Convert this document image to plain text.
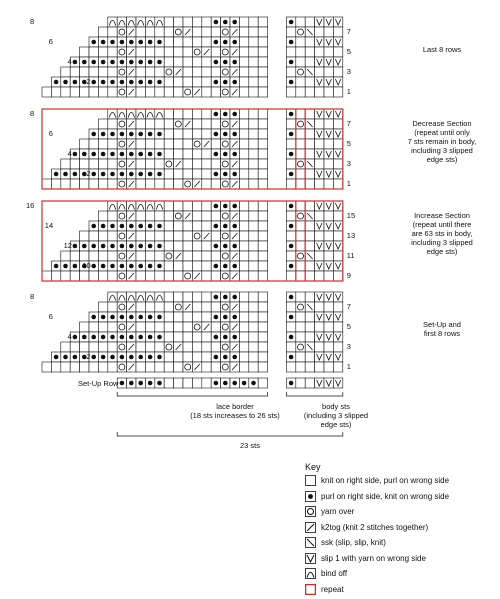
8
6
4
2
7
5
3
1
Last 8 rows
8
6
4
2
7
5
3
1
Decrease Section
(repeat until only
7 sts remain in body,
including 3 slipped
edge sts)
16
14
12
10
15
13
11
9
Increase Section
(repeat until there
are 63 sts in body,
including 3 slipped
edge sts)
8
6
4
2
7
5
3
1
Set-Up and
first 8 rows
Set-Up Row
lace border
(18 sts increases to 26 sts)
body sts
(including 3 slipped
edge sts)
23 sts
Key
knit on right side, purl on wrong side
purl on right side, knit on wrong side
yarn over
k2tog (knit 2 stitches together)
ssk (slip, slip, knit)
slip 1 with yarn on wrong side
bind off
repeat
